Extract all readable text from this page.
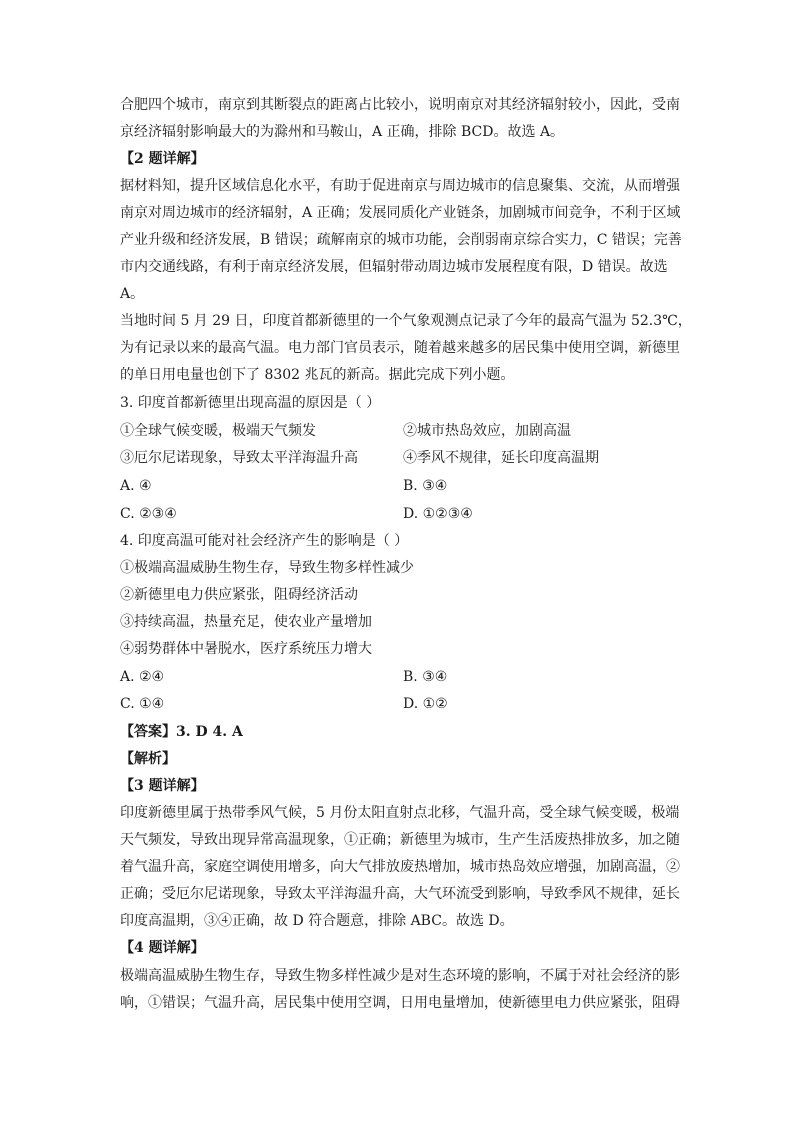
合肥四个城市，南京到其断裂点的距离占比较小，说明南京对其经济辐射较小，因此，受南
京经济辐射影响最大的为滁州和马鞍山，A 正确，排除 BCD。故选 A。
【2 题详解】
据材料知，提升区域信息化水平，有助于促进南京与周边城市的信息聚集、交流，从而增强
南京对周边城市的经济辐射，A 正确；发展同质化产业链条，加剧城市间竞争，不利于区域
产业升级和经济发展，B 错误；疏解南京的城市功能，会削弱南京综合实力，C 错误；完善
市内交通线路，有利于南京经济发展，但辐射带动周边城市发展程度有限，D 错误。故选
A。
当地时间 5 月 29 日，印度首都新德里的一个气象观测点记录了今年的最高气温为 52.3℃，
为有记录以来的最高气温。电力部门官员表示，随着越来越多的居民集中使用空调，新德里
的单日用电量也创下了 8302 兆瓦的新高。据此完成下列小题。
3. 印度首都新德里出现高温的原因是（ ）
①全球气候变暖，极端天气频发	②城市热岛效应，加剧高温
③厄尔尼诺现象，导致太平洋海温升高	④季风不规律，延长印度高温期
A. ④	B. ③④
C. ②③④	D. ①②③④
4. 印度高温可能对社会经济产生的影响是（ ）
①极端高温威胁生物生存，导致生物多样性减少
②新德里电力供应紧张，阻碍经济活动
③持续高温，热量充足，使农业产量增加
④弱势群体中暑脱水，医疗系统压力增大
A. ②④	B. ③④
C. ①④	D. ①②
【答案】3. D 4. A
【解析】
【3 题详解】
印度新德里属于热带季风气候，5 月份太阳直射点北移，气温升高，受全球气候变暖，极端
天气频发，导致出现异常高温现象，①正确；新德里为城市，生产生活废热排放多，加之随
着气温升高，家庭空调使用增多，向大气排放废热增加，城市热岛效应增强，加剧高温，②
正确；受厄尔尼诺现象，导致太平洋海温升高，大气环流受到影响，导致季风不规律，延长
印度高温期，③④正确，故 D 符合题意，排除 ABC。故选 D。
【4 题详解】
极端高温威胁生物生存，导致生物多样性减少是对生态环境的影响，不属于对社会经济的影
响，①错误；气温升高，居民集中使用空调，日用电量增加，使新德里电力供应紧张，阻碍
